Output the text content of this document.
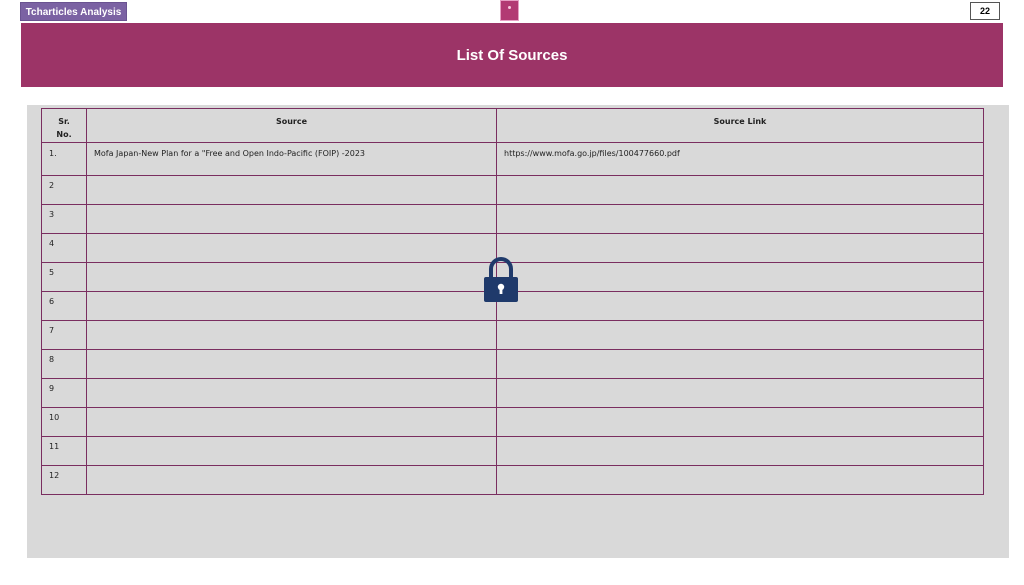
Tcharticles Analysis	22
List Of Sources
Sr. No.	Source	Source Link
1.	Mofa Japan-New Plan for a "Free and Open Indo-Pacific (FOIP) -2023	https://www.mofa.go.jp/files/100477660.pdf
2		
3		
4		
5		
6		
7		
8		
9		
10		
11		
12		
